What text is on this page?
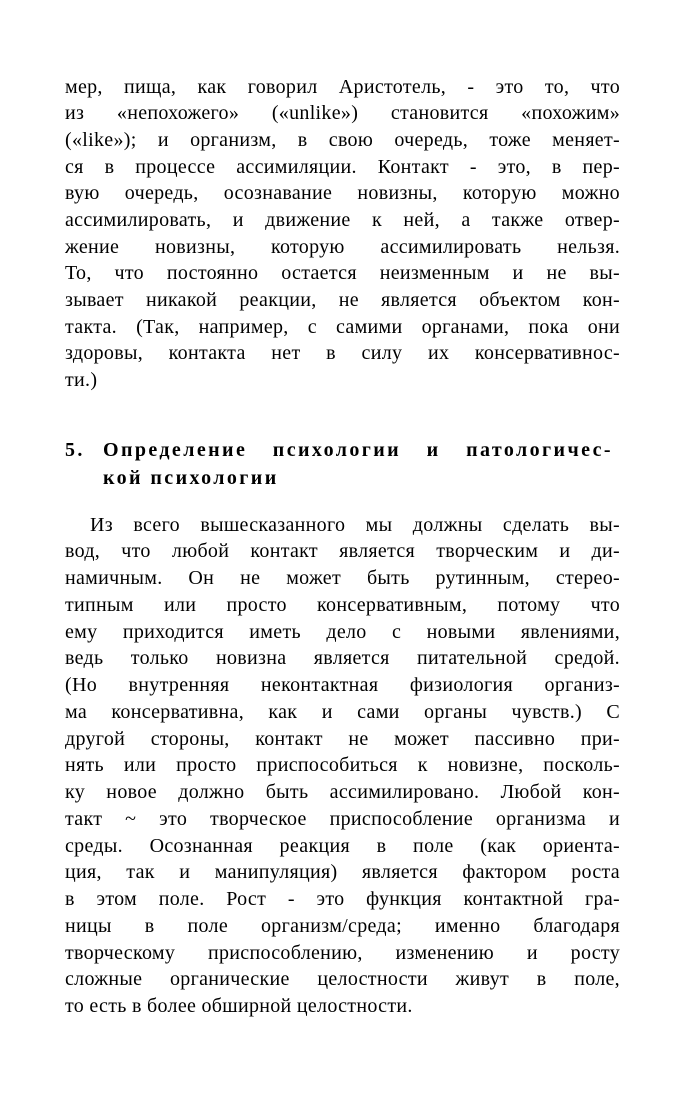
мер, пища, как говорил Аристотель, - это то, что
из «непохожего» («unlike») становится «похожим»
(«like»); и организм, в свою очередь, тоже меняет-
ся в процессе ассимиляции. Контакт - это, в пер-
вую очередь, осознавание новизны, которую можно
ассимилировать, и движение к ней, а также отвер-
жение новизны, которую ассимилировать нельзя.
То, что постоянно остается неизменным и не вы-
зывает никакой реакции, не является объектом кон-
такта. (Так, например, с самими органами, пока они
здоровы, контакта нет в силу их консервативнос-
ти.)
5. Определение психологии и патологичес-
кой психологии
Из всего вышесказанного мы должны сделать вы-
вод, что любой контакт является творческим и ди-
намичным. Он не может быть рутинным, стерео-
типным или просто консервативным, потому что
ему приходится иметь дело с новыми явлениями,
ведь только новизна является питательной средой.
(Но внутренняя неконтактная физиология организ-
ма консервативна, как и сами органы чувств.) С
другой стороны, контакт не может пассивно при-
нять или просто приспособиться к новизне, посколь-
ку новое должно быть ассимилировано. Любой кон-
такт ~ это творческое приспособление организма и
среды. Осознанная реакция в поле (как ориента-
ция, так и манипуляция) является фактором роста
в этом поле. Рост - это функция контактной гра-
ницы в поле организм/среда; именно благодаря
творческому приспособлению, изменению и росту
сложные органические целостности живут в поле,
то есть в более обширной целостности.
